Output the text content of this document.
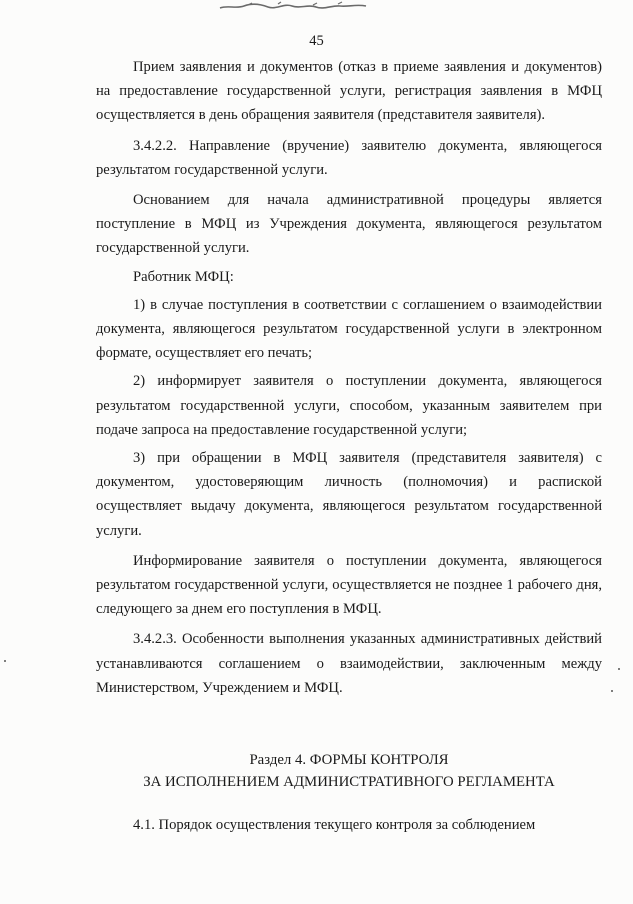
45

Прием заявления и документов (отказ в приеме заявления и документов) на предоставление государственной услуги, регистрация заявления в МФЦ осуществляется в день обращения заявителя (представителя заявителя).

3.4.2.2. Направление (вручение) заявителю документа, являющегося результатом государственной услуги.

Основанием для начала административной процедуры является поступление в МФЦ из Учреждения документа, являющегося результатом государственной услуги.

Работник МФЦ:

1) в случае поступления в соответствии с соглашением о взаимодействии документа, являющегося результатом государственной услуги в электронном формате, осуществляет его печать;

2) информирует заявителя о поступлении документа, являющегося результатом государственной услуги, способом, указанным заявителем при подаче запроса на предоставление государственной услуги;

3) при обращении в МФЦ заявителя (представителя заявителя) с документом, удостоверяющим личность (полномочия) и распиской осуществляет выдачу документа, являющегося результатом государственной услуги.

Информирование заявителя о поступлении документа, являющегося результатом государственной услуги, осуществляется не позднее 1 рабочего дня, следующего за днем его поступления в МФЦ.

3.4.2.3. Особенности выполнения указанных административных действий устанавливаются соглашением о взаимодействии, заключенным между Министерством, Учреждением и МФЦ.

Раздел 4. ФОРМЫ КОНТРОЛЯ
ЗА ИСПОЛНЕНИЕМ АДМИНИСТРАТИВНОГО РЕГЛАМЕНТА
4.1. Порядок осуществления текущего контроля за соблюдением
